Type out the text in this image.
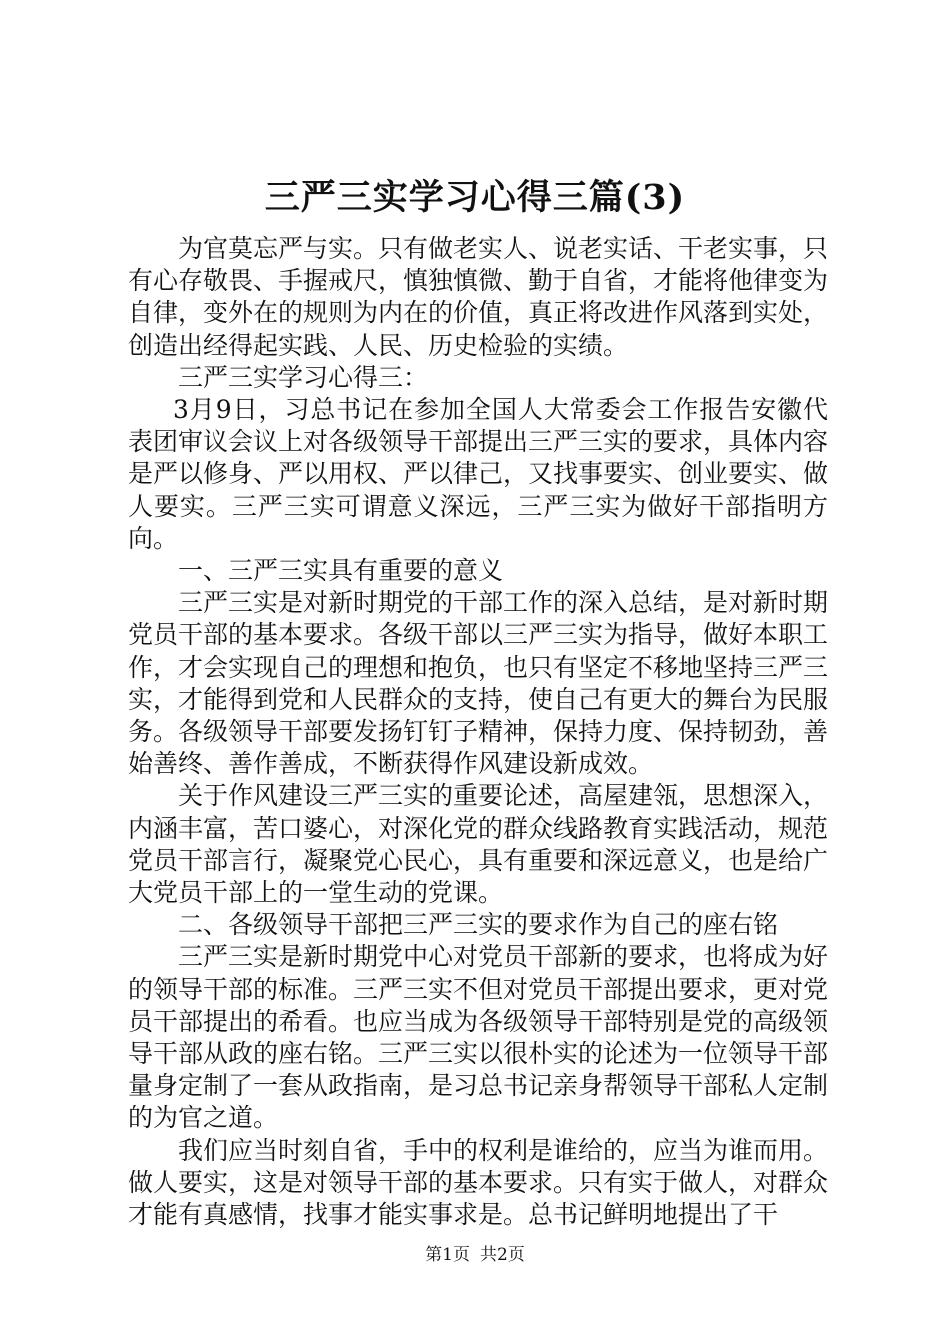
三严三实学习心得三篇(3)

为官莫忘严与实。只有做老实人、说老实话、干老实事，只有心存敬畏、手握戒尺，慎独慎微、勤于自省，才能将他律变为自律，变外在的规则为内在的价值，真正将改进作风落到实处，创造出经得起实践、人民、历史检验的实绩。

三严三实学习心得三：

3月9日，习总书记在参加全国人大常委会工作报告安徽代表团审议会议上对各级领导干部提出三严三实的要求，具体内容是严以修身、严以用权、严以律己，又找事要实、创业要实、做人要实。三严三实可谓意义深远，三严三实为做好干部指明方向。

一、三严三实具有重要的意义

三严三实是对新时期党的干部工作的深入总结，是对新时期党员干部的基本要求。各级干部以三严三实为指导，做好本职工作，才会实现自己的理想和抱负，也只有坚定不移地坚持三严三实，才能得到党和人民群众的支持，使自己有更大的舞台为民服务。各级领导干部要发扬钉钉子精神，保持力度、保持韧劲，善始善终、善作善成，不断获得作风建设新成效。

关于作风建设三严三实的重要论述，高屋建瓴，思想深入，内涵丰富，苦口婆心，对深化党的群众线路教育实践活动，规范党员干部言行，凝聚党心民心，具有重要和深远意义，也是给广大党员干部上的一堂生动的党课。

二、各级领导干部把三严三实的要求作为自己的座右铭

三严三实是新时期党中心对党员干部新的要求，也将成为好的领导干部的标准。三严三实不但对党员干部提出要求，更对党员干部提出的希看。也应当成为各级领导干部特别是党的高级领导干部从政的座右铭。三严三实以很朴实的论述为一位领导干部量身定制了一套从政指南，是习总书记亲身帮领导干部私人定制的为官之道。

我们应当时刻自省，手中的权利是谁给的，应当为谁而用。做人要实，这是对领导干部的基本要求。只有实于做人，对群众才能有真感情，找事才能实事求是。总书记鲜明地提出了干

第1页 共2页
